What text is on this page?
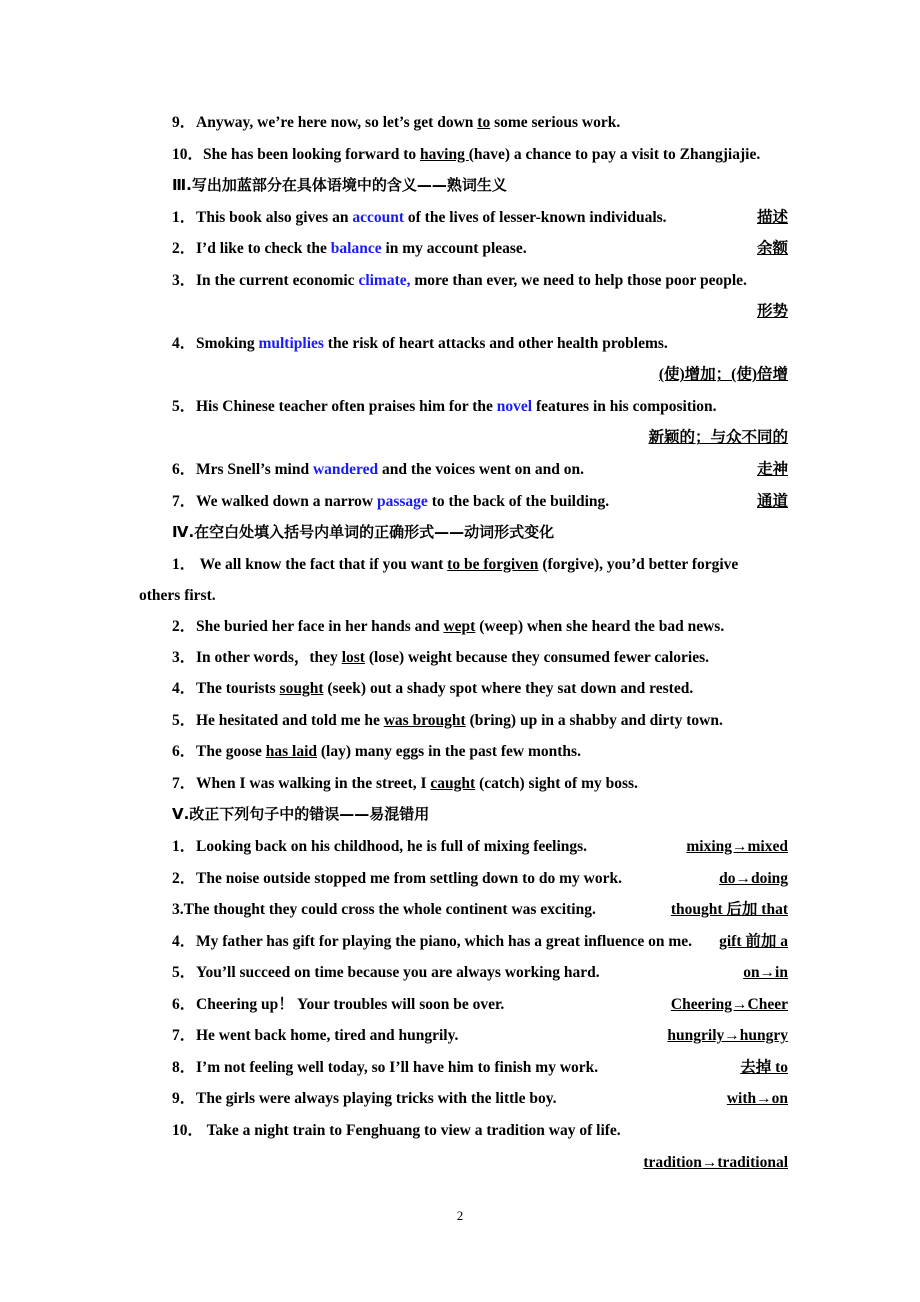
9．Anyway, we’re here now, so let’s get down to some serious work.
10．She has been looking forward to having (have) a chance to pay a visit to Zhangjiajie.
Ⅲ.写出加蓝部分在具体语境中的含义——熟词生义
1．This book also gives an account of the lives of lesser-known individuals.	描述
2．I’d like to check the balance in my account please.	余额
3．In the current economic climate, more than ever, we need to help those poor people.
形势
4．Smoking multiplies the risk of heart attacks and other health problems.
(使)增加；(使)倍增
5．His Chinese teacher often praises him for the novel features in his composition.
新颖的；与众不同的
6．Mrs Snell’s mind wandered and the voices went on and on.	走神
7．We walked down a narrow passage to the back of the building.	通道
Ⅳ.在空白处填入括号内单词的正确形式——动词形式变化
1． We all know the fact that if you want to be forgiven (forgive), you’d better forgive
others first.
2．She buried her face in her hands and wept (weep) when she heard the bad news.
3．In other words，they lost (lose) weight because they consumed fewer calories.
4．The tourists sought (seek) out a shady spot where they sat down and rested.
5．He hesitated and told me he was brought (bring) up in a shabby and dirty town.
6．The goose has laid (lay) many eggs in the past few months.
7．When I was walking in the street, I caught (catch) sight of my boss.
Ⅴ.改正下列句子中的错误——易混错用
1．Looking back on his childhood, he is full of mixing feelings.	mixing→mixed
2．The noise outside stopped me from settling down to do my work.	do→doing
3.The thought they could cross the whole continent was exciting.	thought 后加 that
4．My father has gift for playing the piano, which has a great influence on me. gift 前加 a
5．You’ll succeed on time because you are always working hard.	on→in
6．Cheering up！ Your troubles will soon be over.	Cheering→Cheer
7．He went back home, tired and hungrily.	hungrily→hungry
8．I’m not feeling well today, so I’ll have him to finish my work.	去掉 to
9．The girls were always playing tricks with the little boy.	with→on
10． Take a night train to Fenghuang to view a tradition way of life.
tradition→traditional
2
